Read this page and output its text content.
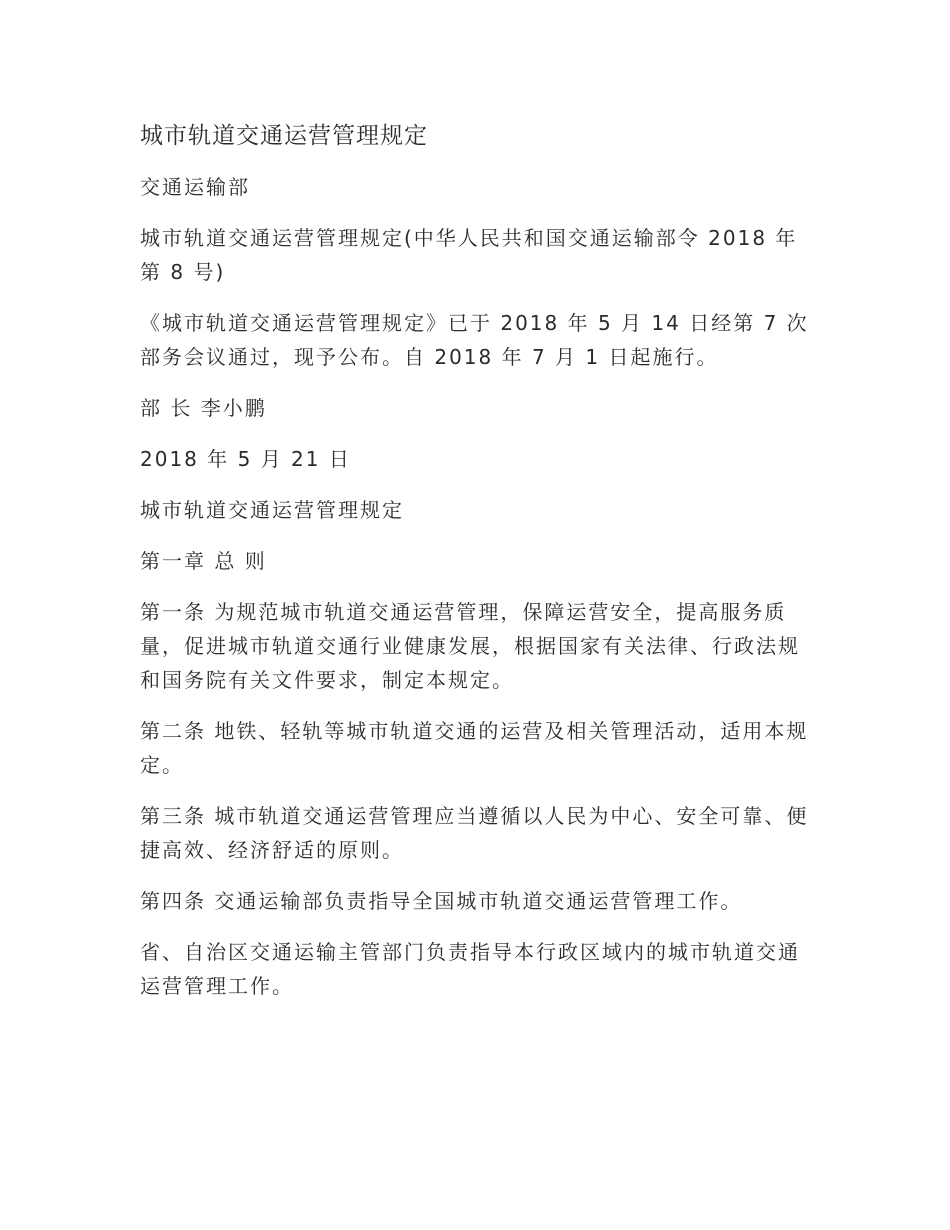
城市轨道交通运营管理规定

交通运输部

城市轨道交通运营管理规定(中华人民共和国交通运输部令 2018 年第 8 号)

《城市轨道交通运营管理规定》已于 2018 年 5 月 14 日经第 7 次部务会议通过，现予公布。自 2018 年 7 月 1 日起施行。

部 长 李小鹏

2018 年 5 月 21 日

城市轨道交通运营管理规定

第一章 总 则

第一条 为规范城市轨道交通运营管理，保障运营安全，提高服务质量，促进城市轨道交通行业健康发展，根据国家有关法律、行政法规和国务院有关文件要求，制定本规定。

第二条 地铁、轻轨等城市轨道交通的运营及相关管理活动，适用本规定。

第三条 城市轨道交通运营管理应当遵循以人民为中心、安全可靠、便捷高效、经济舒适的原则。

第四条 交通运输部负责指导全国城市轨道交通运营管理工作。

省、自治区交通运输主管部门负责指导本行政区域内的城市轨道交通运营管理工作。
